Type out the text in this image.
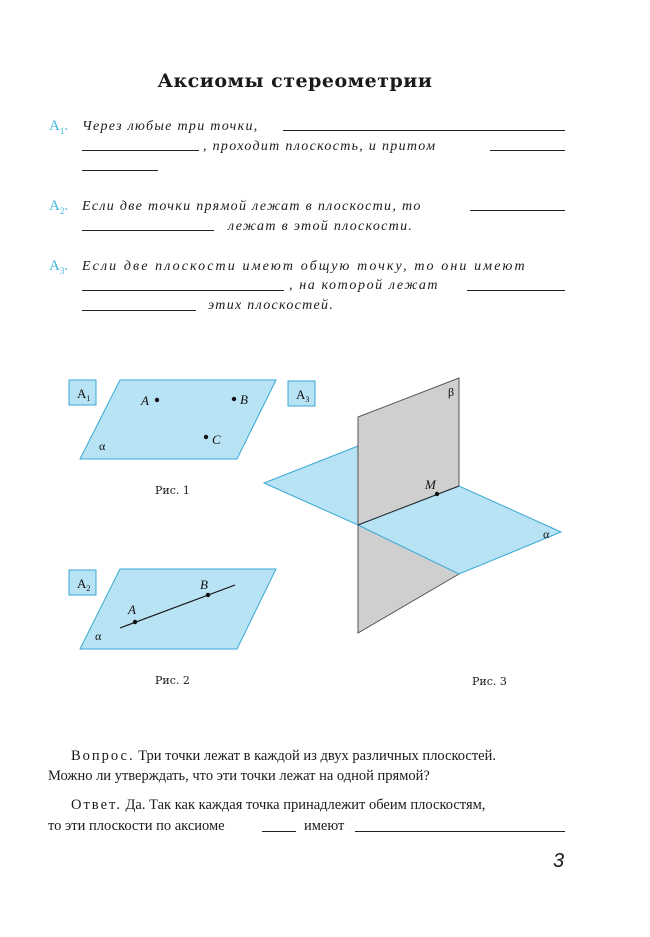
Аксиомы стереометрии
$А_1$. Через любые три точки,
, проходит плоскость, и притом
$А_2$. Если две точки прямой лежат в плоскости, то
лежат в этой плоскости.
$А_3$. Если две плоскости имеют общую точку, то они имеют
, на которой лежат
этих плоскостей.
$A_1$	A	B
C
α
$A_2$
A
B
α
$A_3$
M
α
β
Рис. 1
Рис. 2	Рис. 3
Вопрос. Три точки лежат в каждой из двух различных плоскостей.
Можно ли утверждать, что эти точки лежат на одной прямой?
Ответ. Да. Так как каждая точка принадлежит обеим плоскостям,
то эти плоскости по аксиоме	имеют
3
